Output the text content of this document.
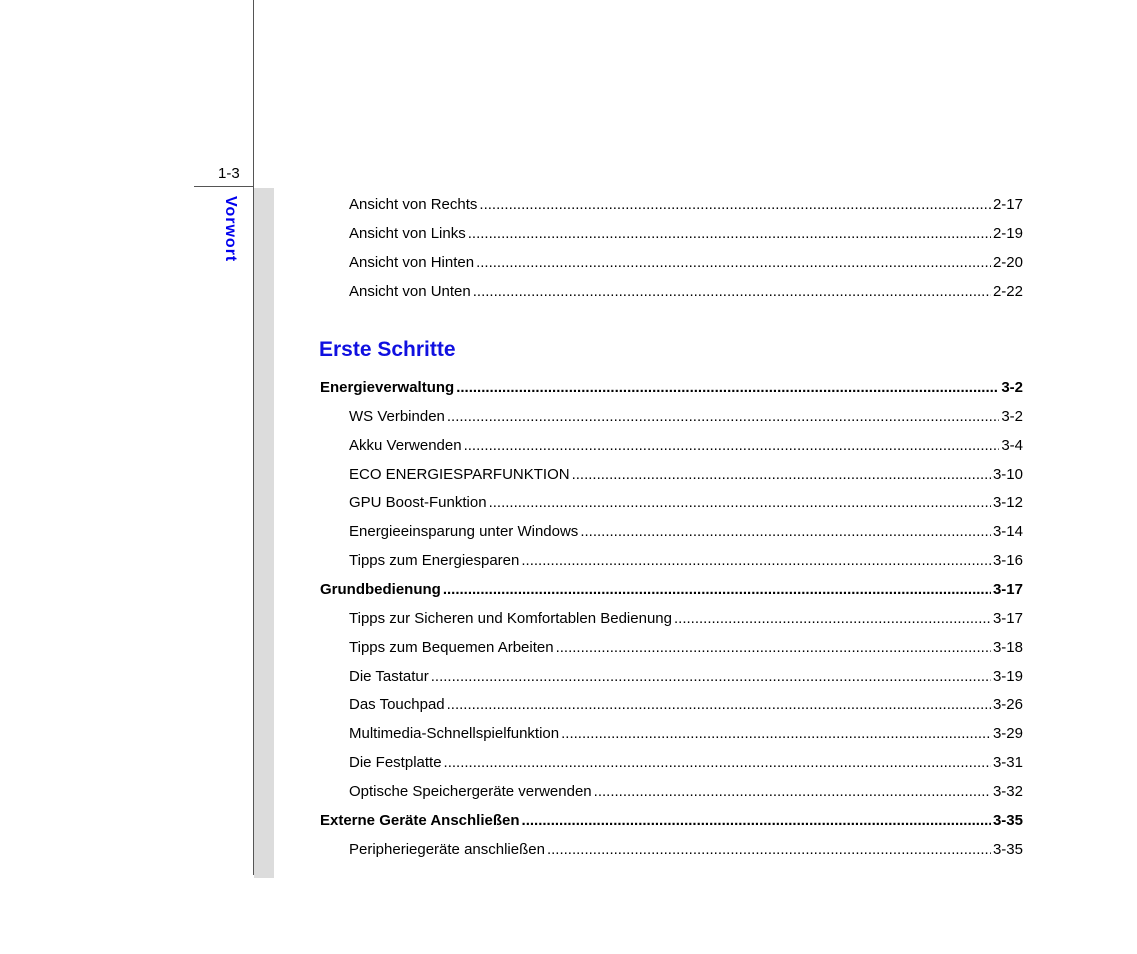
1-3
Vorwort	Ansicht von Rechts .....	2-17
Ansicht von Links .....	2-19
Ansicht von Hinten .....	2-20
Ansicht von Unten .....	2-22
Erste Schritte
Energieverwaltung .....	3-2
WS Verbinden .....	3-2
Akku Verwenden .....	3-4
ECO ENERGIESPARFUNKTION .....	3-10
GPU Boost-Funktion .....	3-12
Energieeinsparung unter Windows .....	3-14
Tipps zum Energiesparen .....	3-16
Grundbedienung .....	3-17
Tipps zur Sicheren und Komfortablen Bedienung .....	3-17
Tipps zum Bequemen Arbeiten .....	3-18
Die Tastatur .....	3-19
Das Touchpad .....	3-26
Multimedia-Schnellspielfunktion .....	3-29
Die Festplatte .....	3-31
Optische Speichergeräte verwenden .....	3-32
Externe Geräte Anschließen .....	3-35
Peripheriegeräte anschließen .....	3-35
